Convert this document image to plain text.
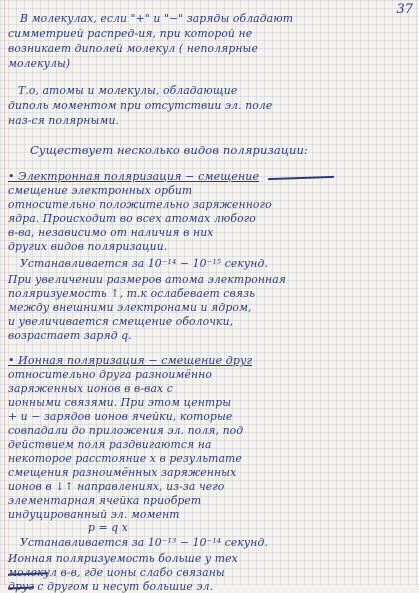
37
В молекулах, если "+" и "−" заряды обладают
симметрией распред-ия, при которой не
возникает диполей молекул ( неполярные
молекулы)
Т.о, атомы и молекулы, обладающие
диполь моментом при отсутствии эл. поле
наз-ся полярными.
Существует несколько видов поляризации:
• Электронная поляризация − смещение
смещение электронных орбит
относительно положительно заряженного
ядра. Происходит во всех атомах любого
в-ва, независимо от наличия в них
других видов поляризации.
Устанавливается за 10⁻¹⁴ − 10⁻¹⁵ секунд.
При увеличении размеров атома электронная
поляризуемость ↑, т.к ослабевает связь
между внешними электронами и ядром,
и увеличивается смещение оболочки,
возрастает заряд q.
• Ионная поляризация − смещение друг
относительно друга разноимённо
заряженных ионов в в-вах с
ионными связями. При этом центры
+ и − зарядов ионов ячейки, которые
совпадали до приложения эл. поля, под
действием поля раздвигаются на
некоторое расстояние x в результате
смещения разноимённых заряженных
ионов в ↓↑ направлениях, из-за чего
элементарная ячейка приобрет
индуцированный эл. момент
p = q x
Устанавливается за 10⁻¹³ − 10⁻¹⁴ секунд.
Ионная поляризуемость больше у тех
молекул в-в, где ионы слабо связаны
друг с другом и несут большие эл.
